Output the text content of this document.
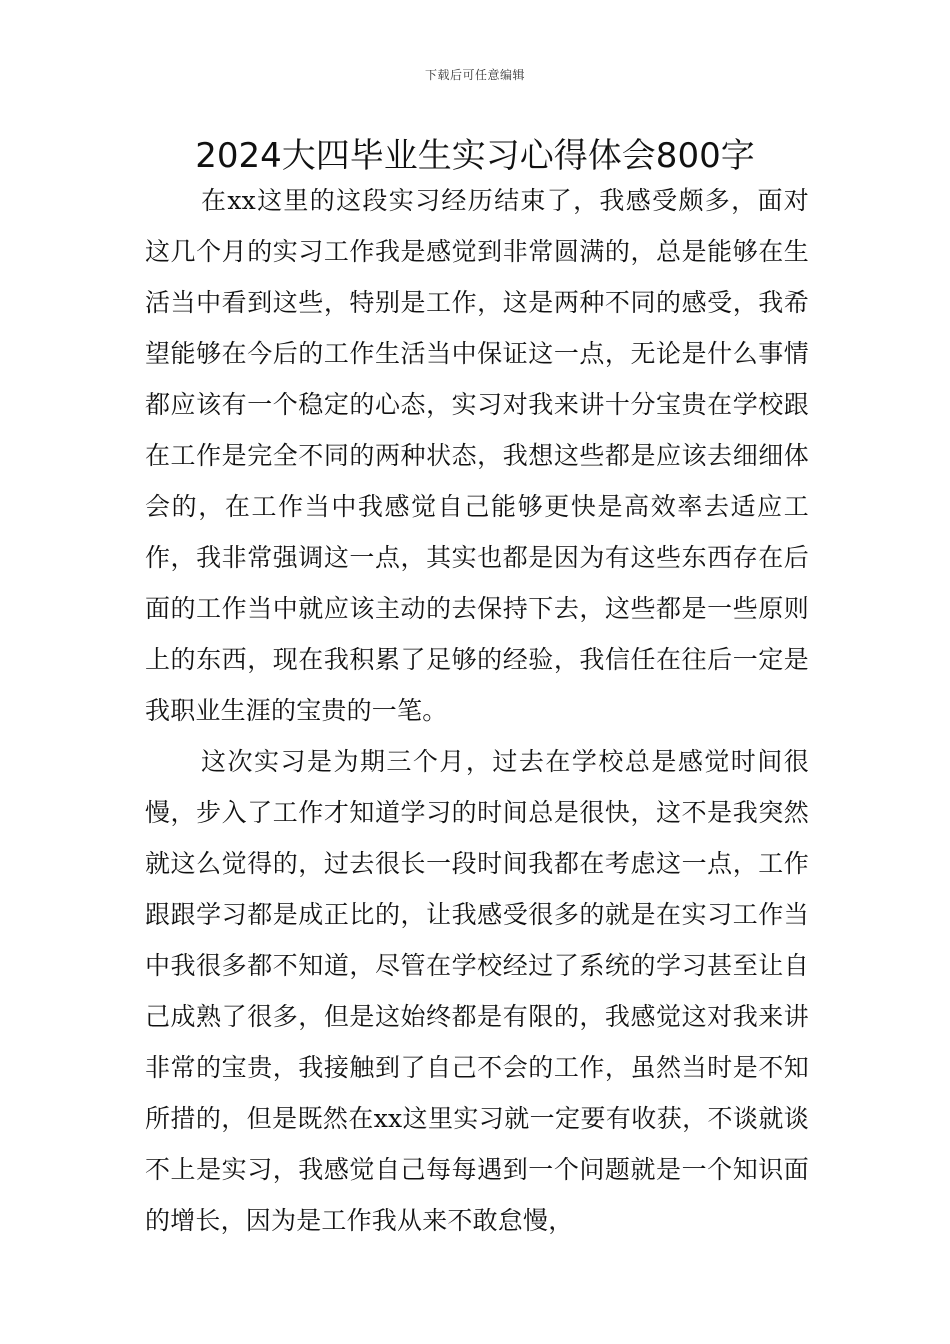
下载后可任意编辑
2024大四毕业生实习心得体会800字

在xx这里的这段实习经历结束了，我感受颇多，面对这几个月的实习工作我是感觉到非常圆满的，总是能够在生活当中看到这些，特别是工作，这是两种不同的感受，我希望能够在今后的工作生活当中保证这一点，无论是什么事情都应该有一个稳定的心态，实习对我来讲十分宝贵在学校跟在工作是完全不同的两种状态，我想这些都是应该去细细体会的，在工作当中我感觉自己能够更快是高效率去适应工作，我非常强调这一点，其实也都是因为有这些东西存在后面的工作当中就应该主动的去保持下去，这些都是一些原则上的东西，现在我积累了足够的经验，我信任在往后一定是我职业生涯的宝贵的一笔。

这次实习是为期三个月，过去在学校总是感觉时间很慢，步入了工作才知道学习的时间总是很快，这不是我突然就这么觉得的，过去很长一段时间我都在考虑这一点，工作跟跟学习都是成正比的，让我感受很多的就是在实习工作当中我很多都不知道，尽管在学校经过了系统的学习甚至让自己成熟了很多，但是这始终都是有限的，我感觉这对我来讲非常的宝贵，我接触到了自己不会的工作，虽然当时是不知所措的，但是既然在xx这里实习就一定要有收获，不谈就谈不上是实习，我感觉自己每每遇到一个问题就是一个知识面的增长，因为是工作我从来不敢怠慢，
